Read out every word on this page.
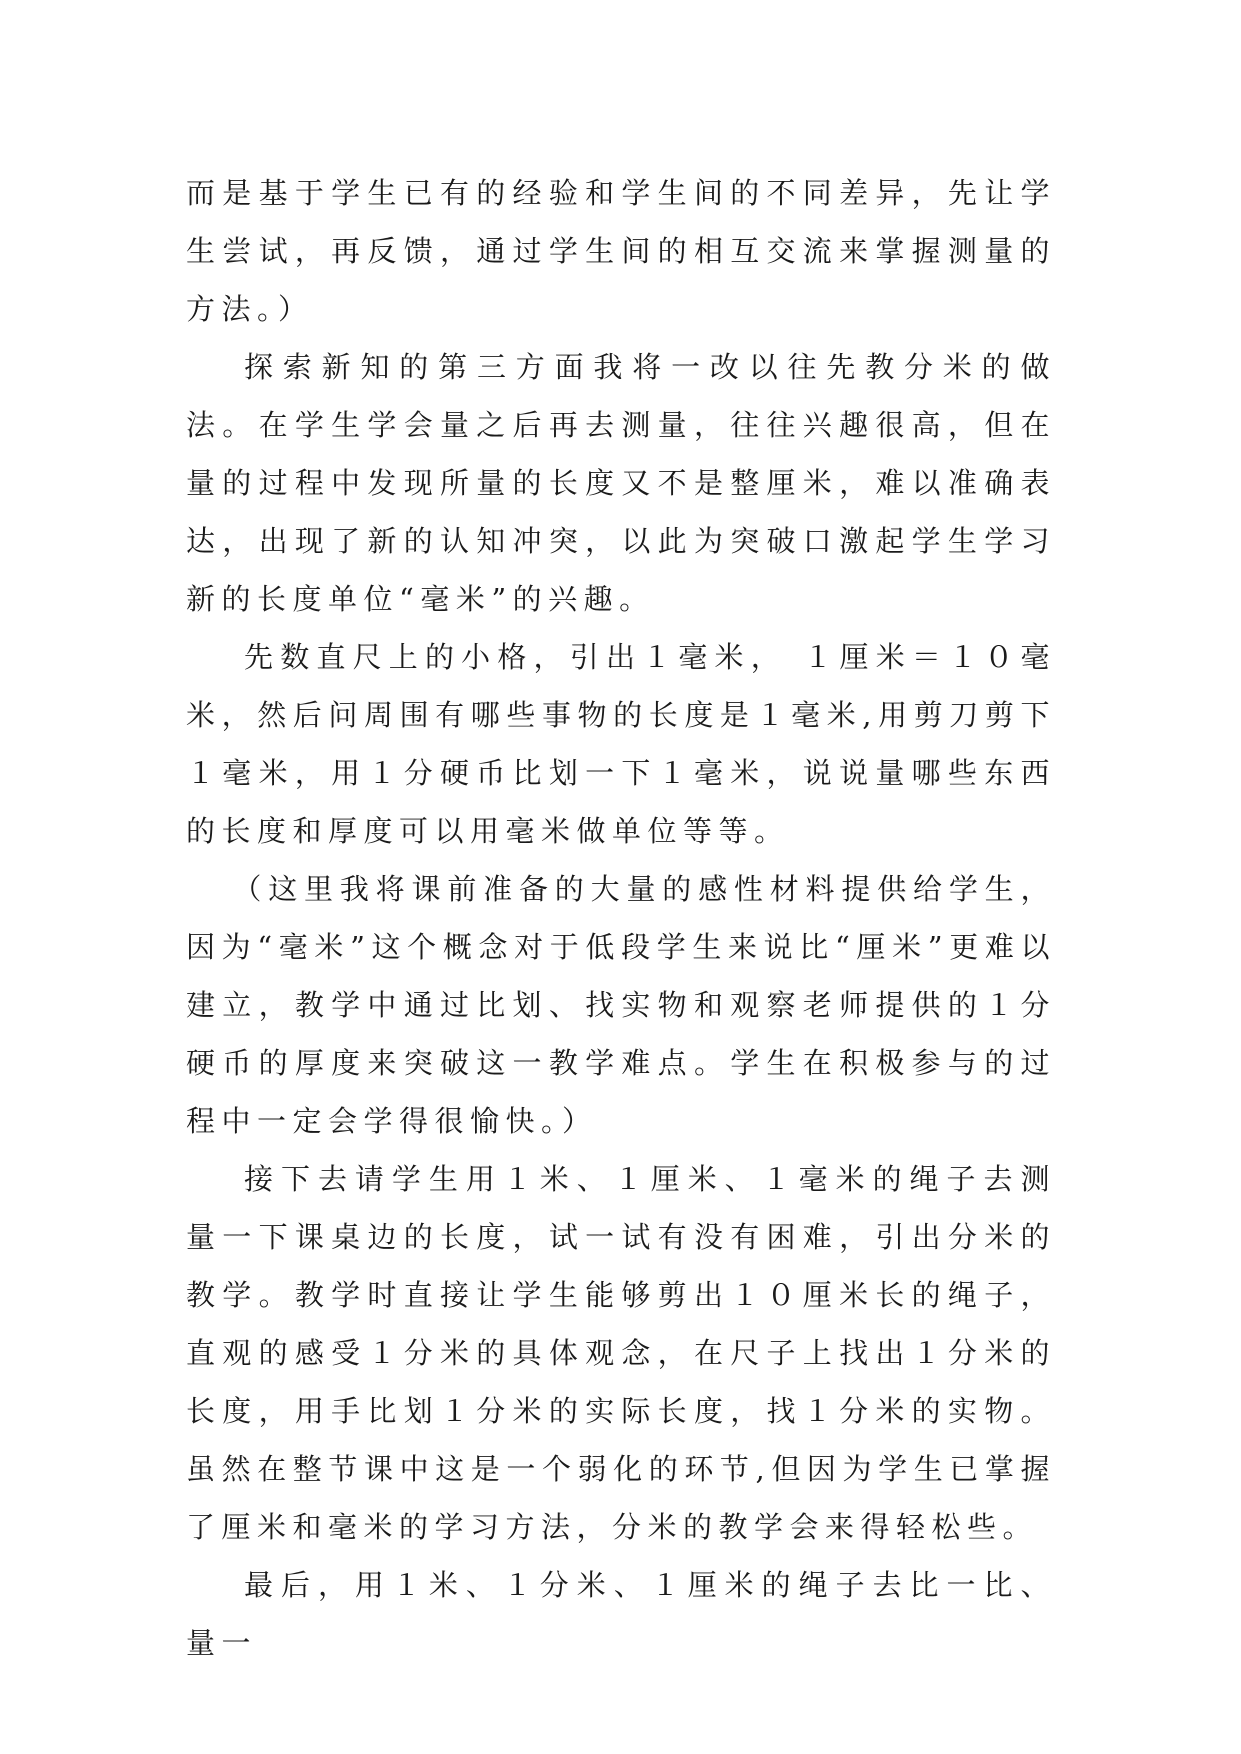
而是基于学生已有的经验和学生间的不同差异，先让学生尝试，再反馈，通过学生间的相互交流来掌握测量的方法。）

探索新知的第三方面我将一改以往先教分米的做法。在学生学会量之后再去测量，往往兴趣很高，但在量的过程中发现所量的长度又不是整厘米，难以准确表达，出现了新的认知冲突，以此为突破口激起学生学习新的长度单位“毫米”的兴趣。

先数直尺上的小格，引出１毫米， １厘米＝１０毫米，然后问周围有哪些事物的长度是１毫米,用剪刀剪下１毫米，用１分硬币比划一下１毫米，说说量哪些东西的长度和厚度可以用毫米做单位等等。

（这里我将课前准备的大量的感性材料提供给学生，因为“毫米”这个概念对于低段学生来说比“厘米”更难以建立，教学中通过比划、找实物和观察老师提供的１分硬币的厚度来突破这一教学难点。学生在积极参与的过程中一定会学得很愉快。）

接下去请学生用１米、１厘米、１毫米的绳子去测量一下课桌边的长度，试一试有没有困难，引出分米的教学。教学时直接让学生能够剪出１０厘米长的绳子，直观的感受１分米的具体观念，在尺子上找出１分米的长度，用手比划１分米的实际长度，找１分米的实物。虽然在整节课中这是一个弱化的环节,但因为学生已掌握了厘米和毫米的学习方法，分米的教学会来得轻松些。

最后，用１米、１分米、１厘米的绳子去比一比、量一
